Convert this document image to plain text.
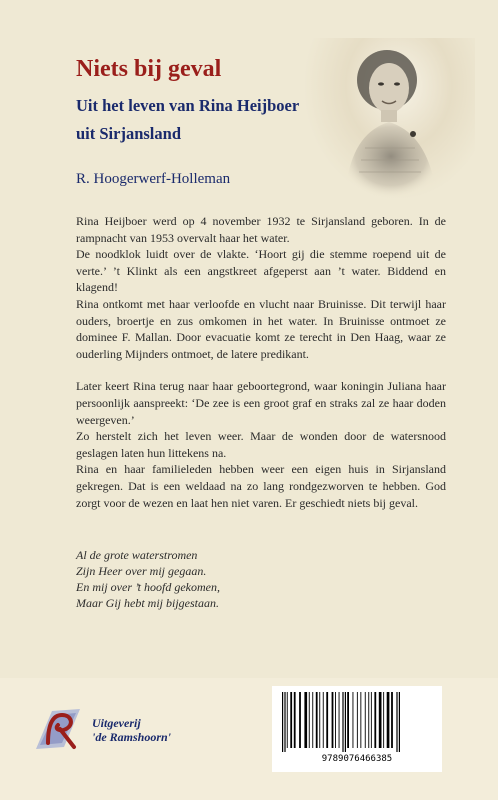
Niets bij geval
Uit het leven van Rina Heijboer
uit Sirjansland

R. Hoogerwerf-Holleman

Rina Heijboer werd op 4 november 1932 te Sirjansland geboren. In de rampnacht van 1953 overvalt haar het water.

De noodklok luidt over de vlakte. ‘Hoort gij die stemme roepend uit de verte.’ ’t Klinkt als een angstkreet afgeperst aan ’t water. Biddend en klagend!

Rina ontkomt met haar verloofde en vlucht naar Bruinisse. Dit terwijl haar ouders, broertje en zus omkomen in het water. In Bruinisse ontmoet ze dominee F. Mallan. Door evacuatie komt ze terecht in Den Haag, waar ze ouderling Mijnders ontmoet, de latere predikant.

Later keert Rina terug naar haar geboortegrond, waar koningin Juliana haar persoonlijk aanspreekt: ‘De zee is een groot graf en straks zal ze haar doden weergeven.’

Zo herstelt zich het leven weer. Maar de wonden door de watersnood geslagen laten hun littekens na.

Rina en haar familieleden hebben weer een eigen huis in Sirjansland gekregen. Dat is een weldaad na zo lang rondgezworven te hebben. God zorgt voor de wezen en laat hen niet varen. Er geschiedt niets bij geval.

Al de grote waterstromen

Zijn Heer over mij gegaan.

En mij over ’t hoofd gekomen,

Maar Gij hebt mij bijgestaan.

Uitgeverij
'de Ramshoorn'

9789076466385
